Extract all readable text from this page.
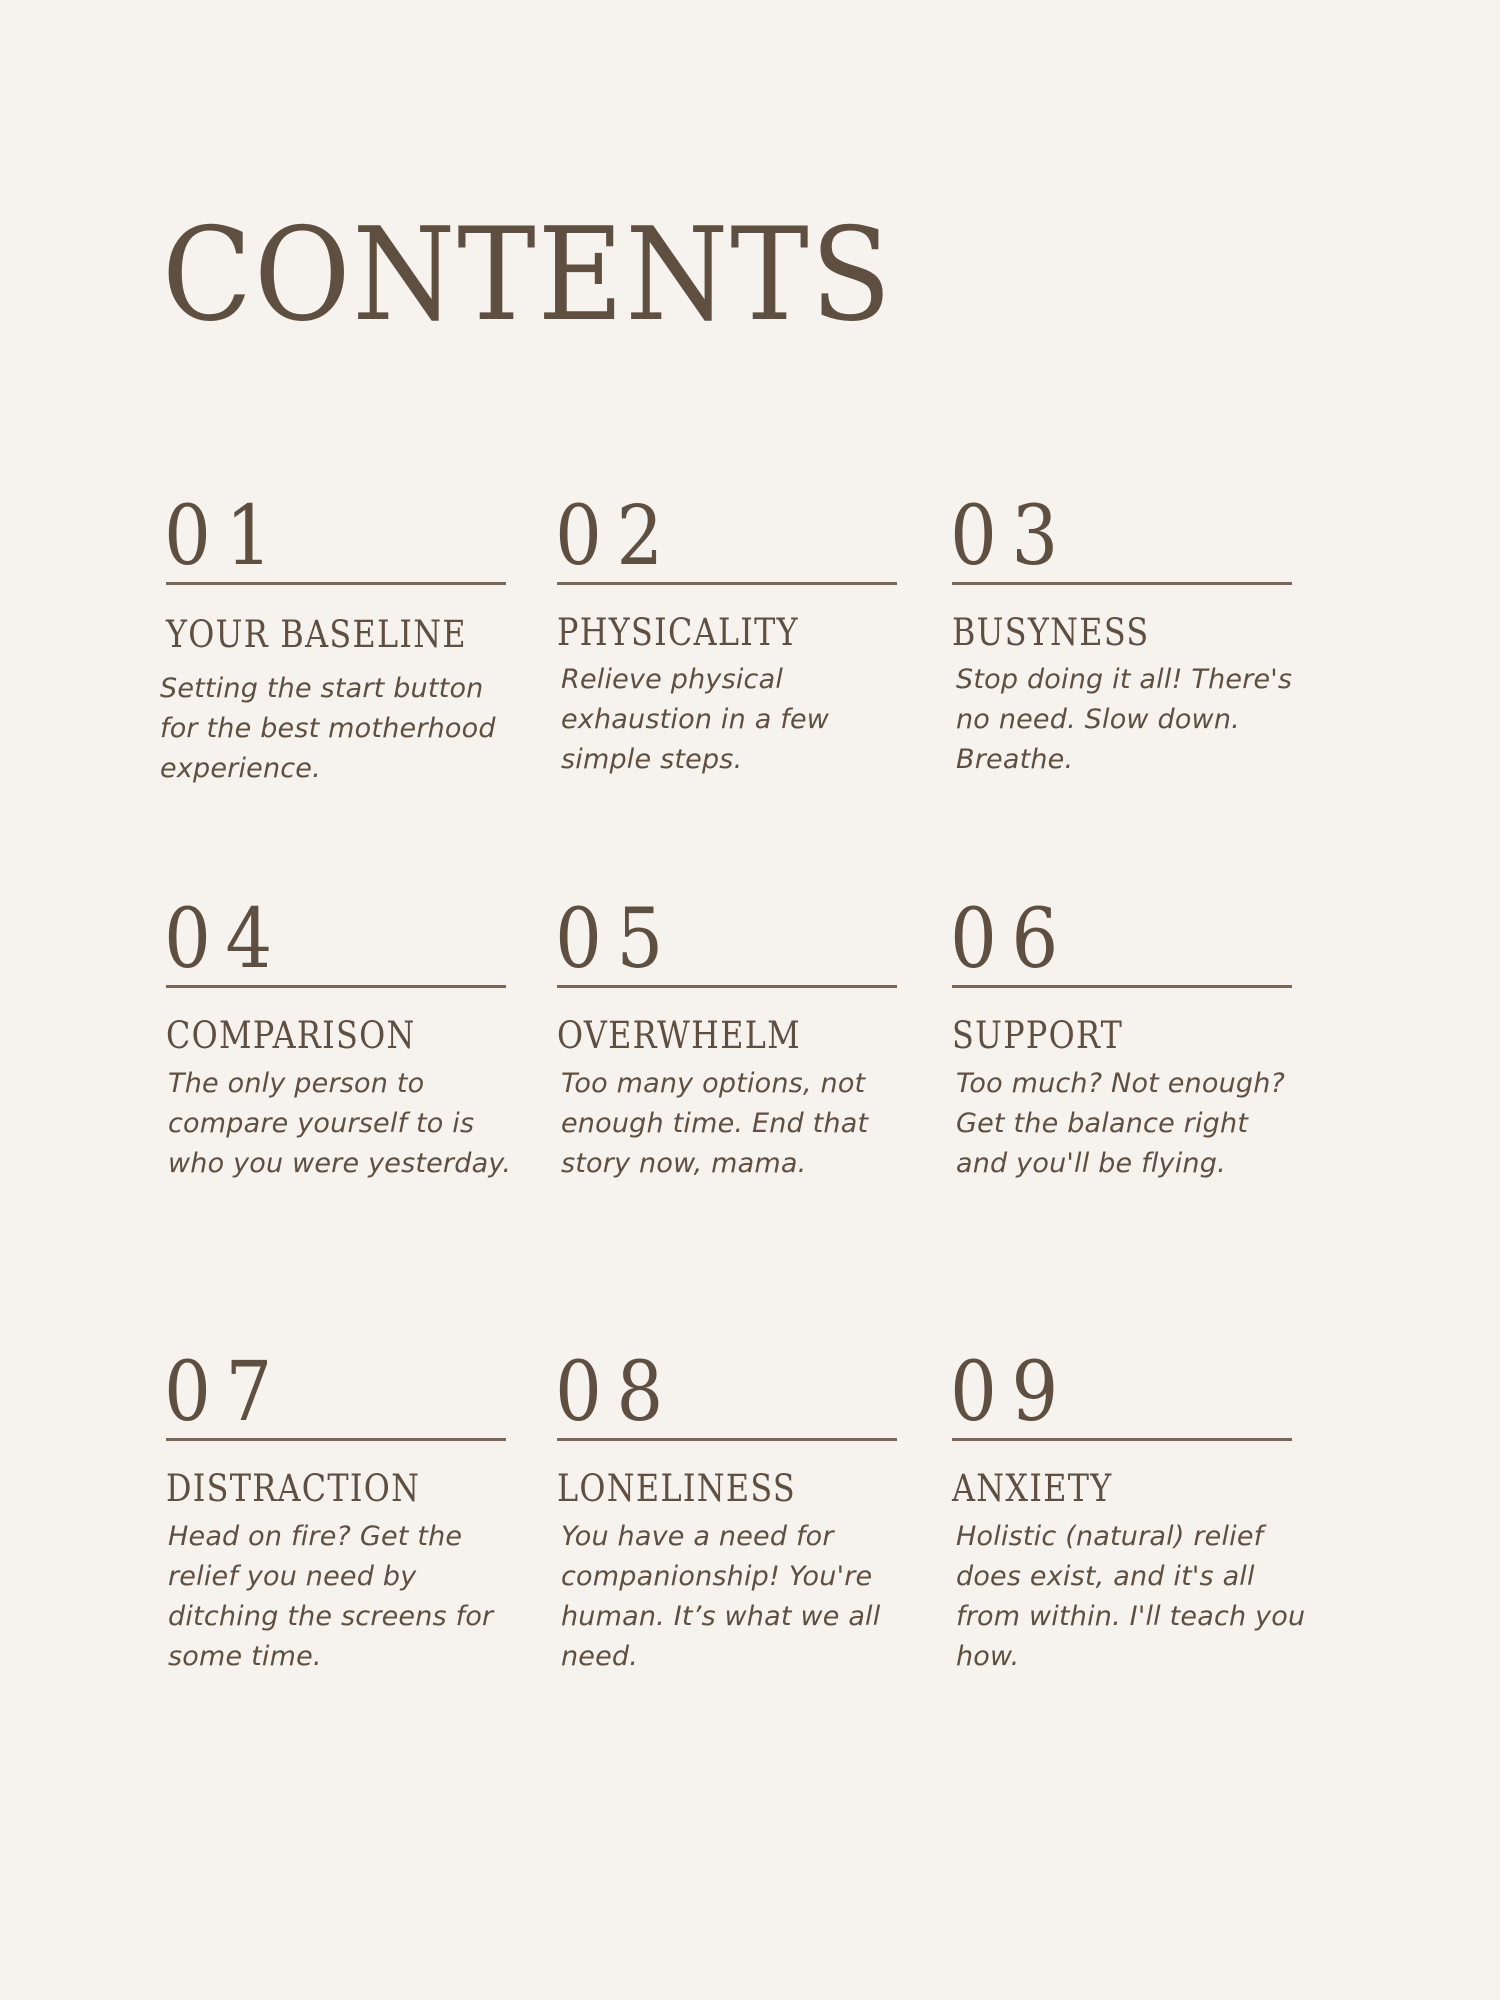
CONTENTS
01
YOUR BASELINE
Setting the start button
for the best motherhood
experience.
02
PHYSICALITY
Relieve physical
exhaustion in a few
simple steps.
03
BUSYNESS
Stop doing it all! There's
no need. Slow down.
Breathe.
04
COMPARISON
The only person to
compare yourself to is
who you were yesterday.
05
OVERWHELM
Too many options, not
enough time. End that
story now, mama.
06
SUPPORT
Too much? Not enough?
Get the balance right
and you'll be flying.
07
DISTRACTION
Head on fire? Get the
relief you need by
ditching the screens for
some time.
08
LONELINESS
You have a need for
companionship! You're
human. It’s what we all
need.
09
ANXIETY
Holistic (natural) relief
does exist, and it's all
from within. I'll teach you
how.
